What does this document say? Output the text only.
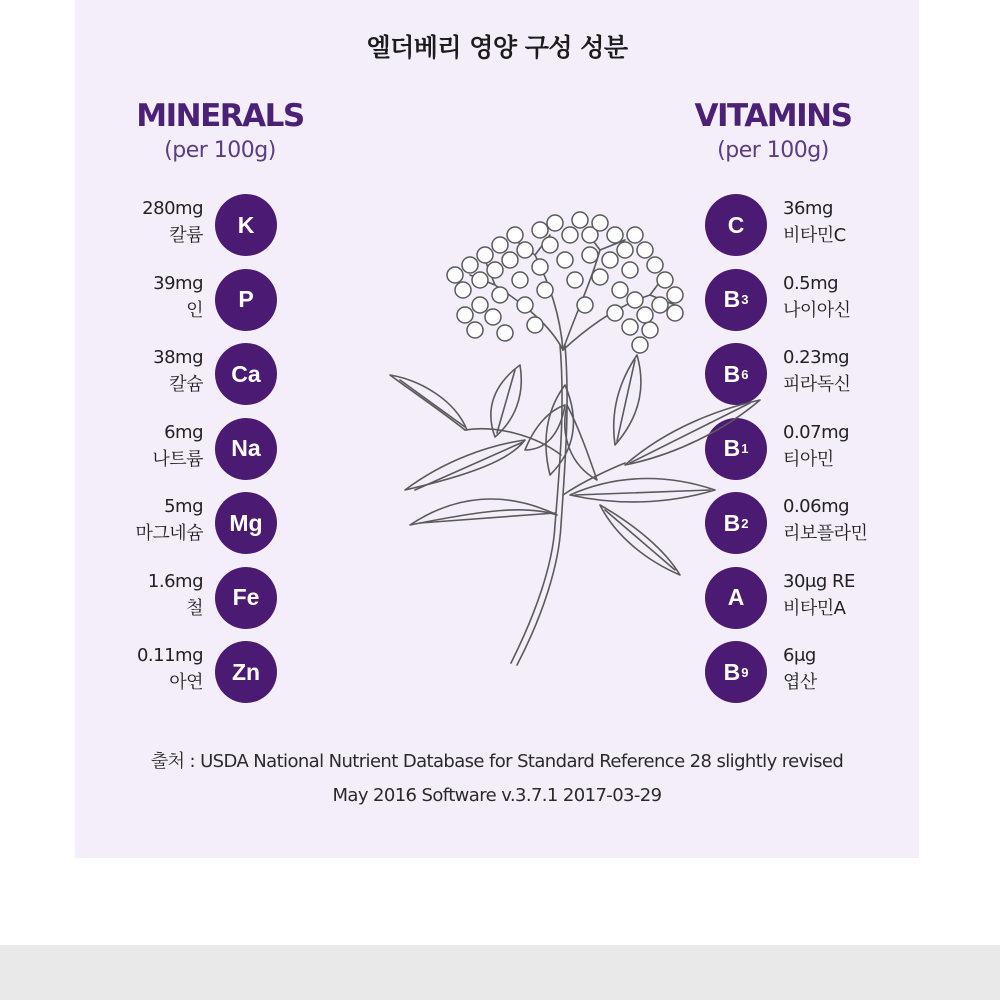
엘더베리 영양 구성 성분
MINERALS
(per 100g)
VITAMINS
(per 100g)
K
280mg
칼륨
P
39mg
인
Ca
38mg
칼슘
Na
6mg
나트륨
Mg
5mg
마그네슘
Fe
1.6mg
철
Zn
0.11mg
아연
C
36mg
비타민C
B 3
0.5mg
나이아신
B 6
0.23mg
피라독신
B 1
0.07mg
티아민
B 2
0.06mg
리보플라민
A
30μg RE
비타민A
B 9
6μg
엽산
출처 : USDA National Nutrient Database for Standard Reference 28 slightly revised
May 2016 Software v.3.7.1 2017-03-29
